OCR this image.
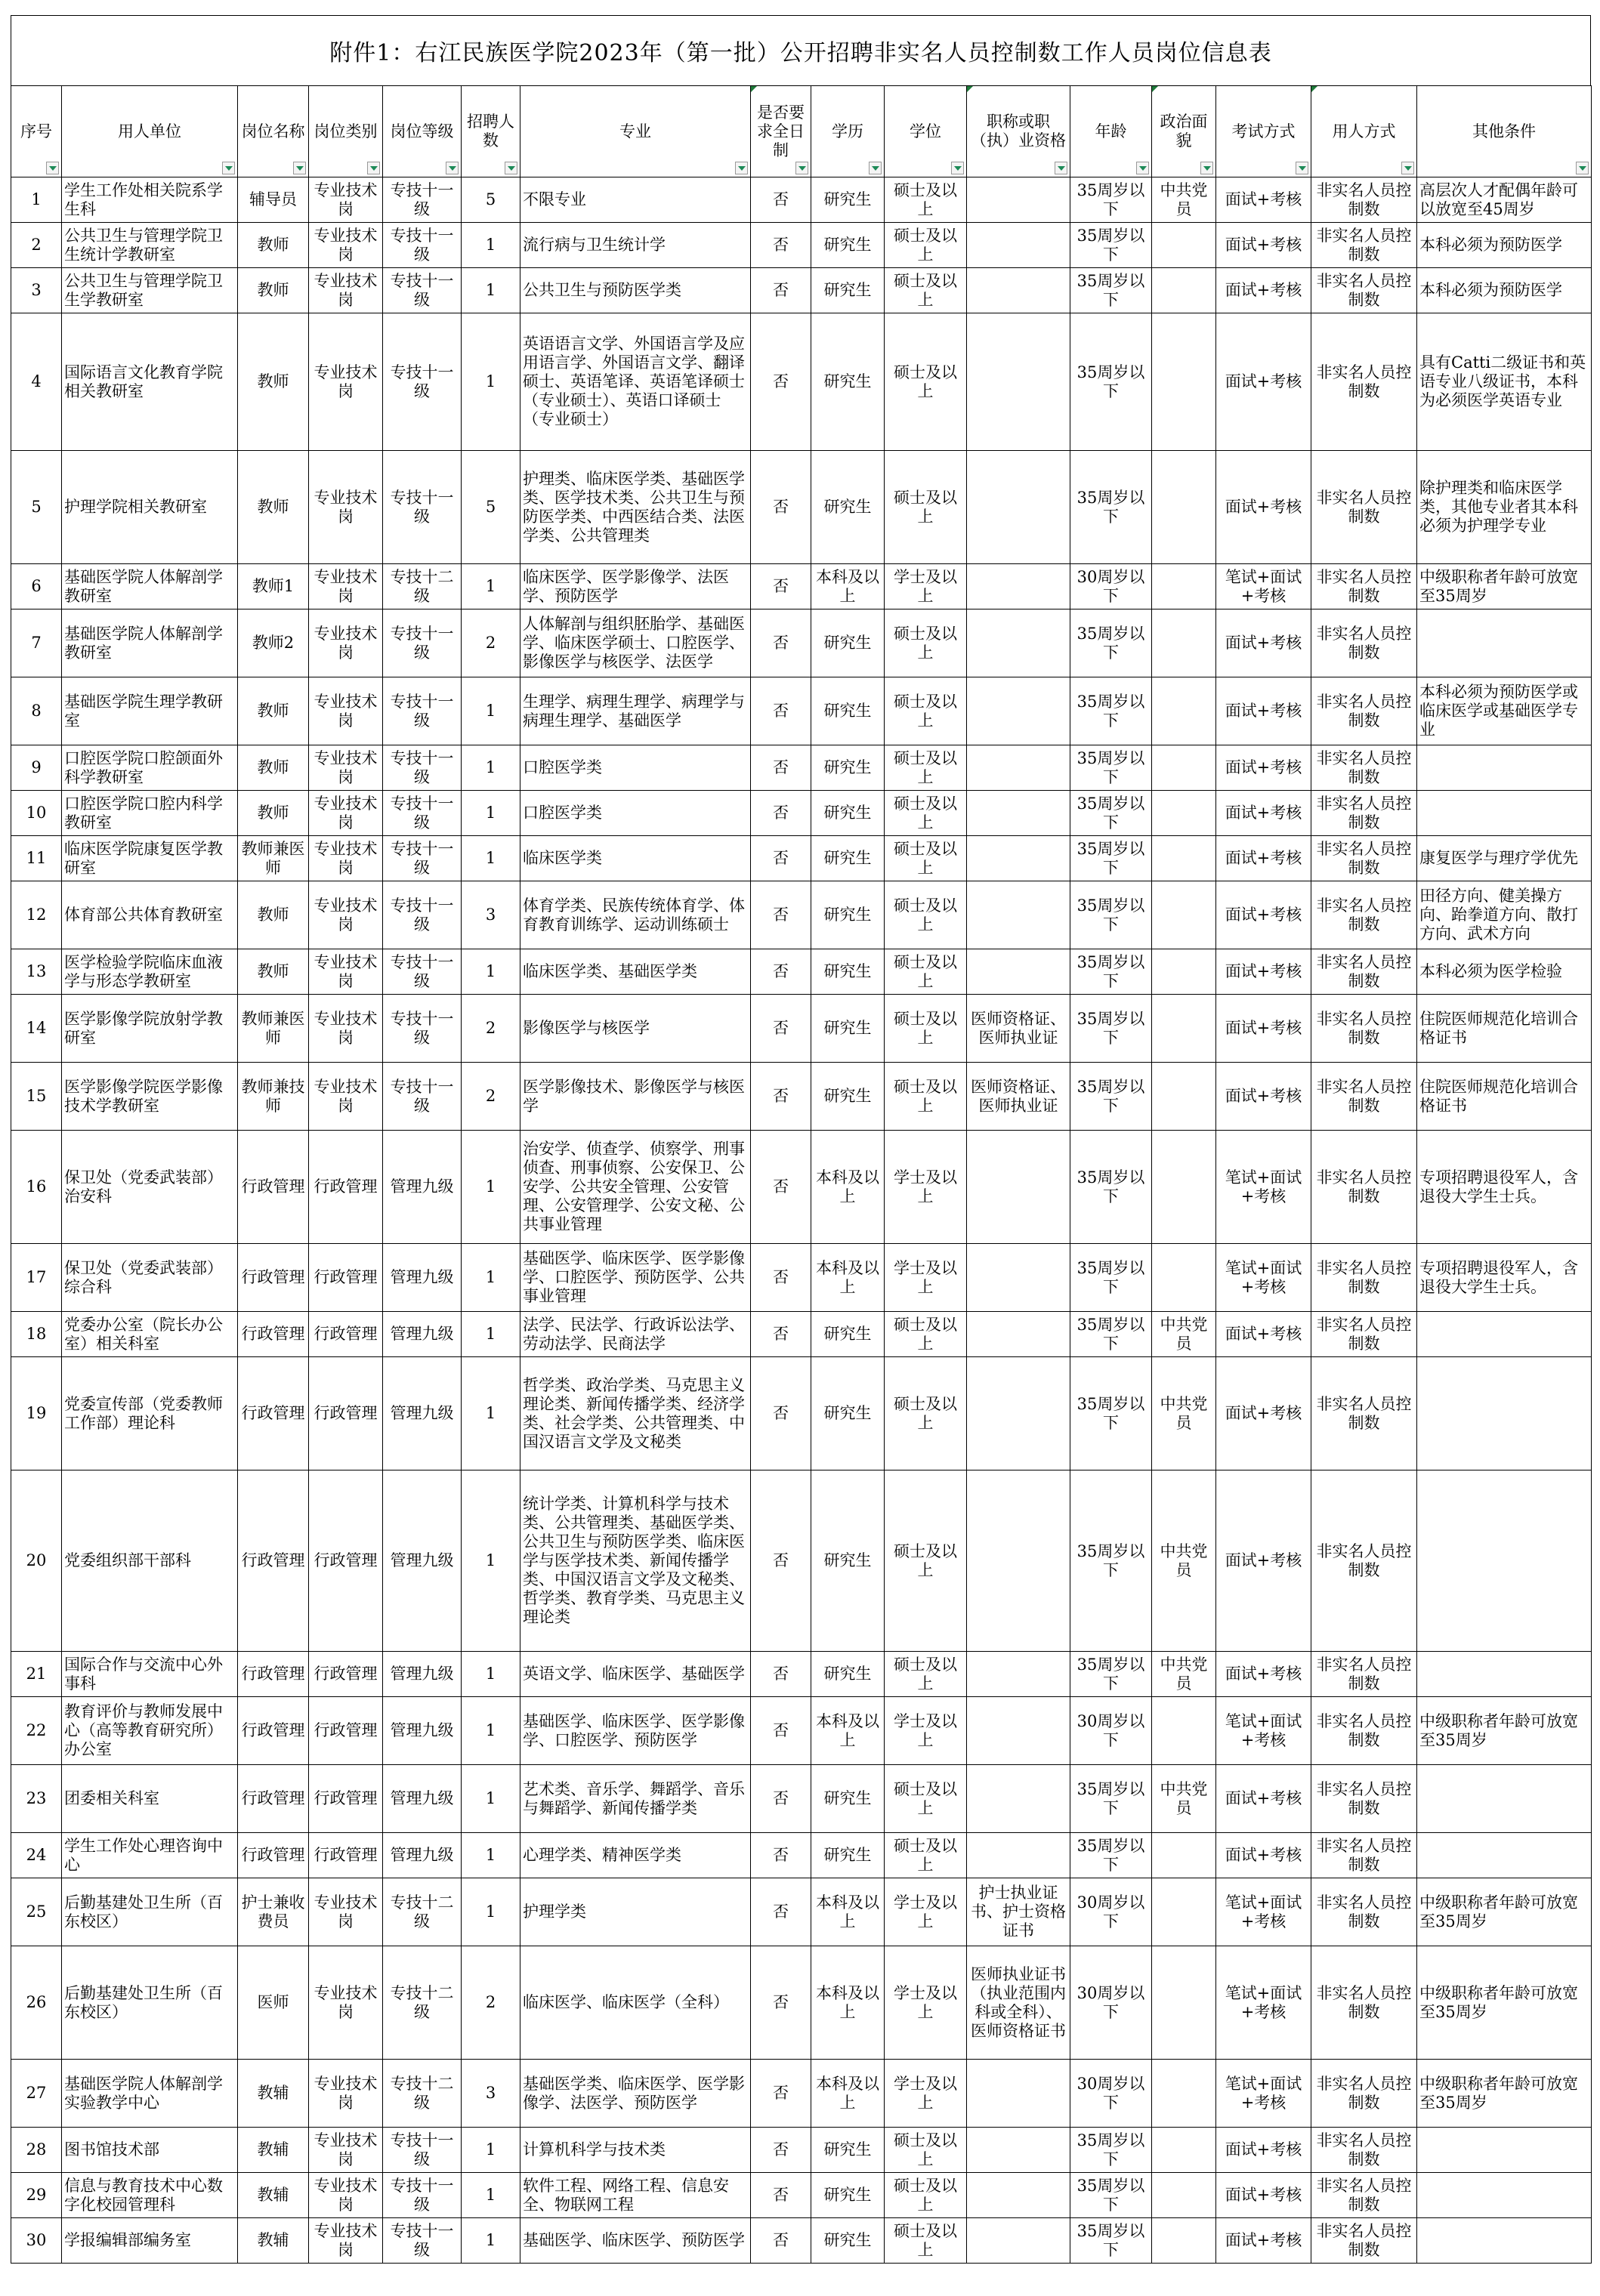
附件1：右江民族医学院2023年（第一批）公开招聘非实名人员控制数工作人员岗位信息表
序号	用人单位	岗位名称	岗位类别	岗位等级	招聘人数	专业	是否要求全日制	学历	学位	职称或职（执）业资格	年龄	政治面貌	考试方式	用人方式	其他条件

1	学生工作处相关院系学生科	辅导员	专业技术岗	专技十一级	5	不限专业	否	研究生	硕士及以上		35周岁以下	中共党员	面试+考核	非实名人员控制数	高层次人才配偶年龄可以放宽至45周岁
2	公共卫生与管理学院卫生统计学教研室	教师	专业技术岗	专技十一级	1	流行病与卫生统计学	否	研究生	硕士及以上		35周岁以下		面试+考核	非实名人员控制数	本科必须为预防医学
3	公共卫生与管理学院卫生学教研室	教师	专业技术岗	专技十一级	1	公共卫生与预防医学类	否	研究生	硕士及以上		35周岁以下		面试+考核	非实名人员控制数	本科必须为预防医学
4	国际语言文化教育学院相关教研室	教师	专业技术岗	专技十一级	1	英语语言文学、外国语言学及应用语言学、外国语言文学、翻译硕士、英语笔译、英语笔译硕士（专业硕士）、英语口译硕士（专业硕士）	否	研究生	硕士及以上		35周岁以下		面试+考核	非实名人员控制数	具有Catti二级证书和英语专业八级证书，本科为必须医学英语专业
5	护理学院相关教研室	教师	专业技术岗	专技十一级	5	护理类、临床医学类、基础医学类、医学技术类、公共卫生与预防医学类、中西医结合类、法医学类、公共管理类	否	研究生	硕士及以上		35周岁以下		面试+考核	非实名人员控制数	除护理类和临床医学类，其他专业者其本科必须为护理学专业
6	基础医学院人体解剖学教研室	教师1	专业技术岗	专技十二级	1	临床医学、医学影像学、法医学、预防医学	否	本科及以上	学士及以上		30周岁以下		笔试+面试+考核	非实名人员控制数	中级职称者年龄可放宽至35周岁
7	基础医学院人体解剖学教研室	教师2	专业技术岗	专技十一级	2	人体解剖与组织胚胎学、基础医学、临床医学硕士、口腔医学、影像医学与核医学、法医学	否	研究生	硕士及以上		35周岁以下		面试+考核	非实名人员控制数	
8	基础医学院生理学教研室	教师	专业技术岗	专技十一级	1	生理学、病理生理学、病理学与病理生理学、基础医学	否	研究生	硕士及以上		35周岁以下		面试+考核	非实名人员控制数	本科必须为预防医学或临床医学或基础医学专业
9	口腔医学院口腔颌面外科学教研室	教师	专业技术岗	专技十一级	1	口腔医学类	否	研究生	硕士及以上		35周岁以下		面试+考核	非实名人员控制数	
10	口腔医学院口腔内科学教研室	教师	专业技术岗	专技十一级	1	口腔医学类	否	研究生	硕士及以上		35周岁以下		面试+考核	非实名人员控制数	
11	临床医学院康复医学教研室	教师兼医师	专业技术岗	专技十一级	1	临床医学类	否	研究生	硕士及以上		35周岁以下		面试+考核	非实名人员控制数	康复医学与理疗学优先
12	体育部公共体育教研室	教师	专业技术岗	专技十一级	3	体育学类、民族传统体育学、体育教育训练学、运动训练硕士	否	研究生	硕士及以上		35周岁以下		面试+考核	非实名人员控制数	田径方向、健美操方向、跆拳道方向、散打方向、武术方向
13	医学检验学院临床血液学与形态学教研室	教师	专业技术岗	专技十一级	1	临床医学类、基础医学类	否	研究生	硕士及以上		35周岁以下		面试+考核	非实名人员控制数	本科必须为医学检验
14	医学影像学院放射学教研室	教师兼医师	专业技术岗	专技十一级	2	影像医学与核医学	否	研究生	硕士及以上	医师资格证、医师执业证	35周岁以下		面试+考核	非实名人员控制数	住院医师规范化培训合格证书
15	医学影像学院医学影像技术学教研室	教师兼技师	专业技术岗	专技十一级	2	医学影像技术、影像医学与核医学	否	研究生	硕士及以上	医师资格证、医师执业证	35周岁以下		面试+考核	非实名人员控制数	住院医师规范化培训合格证书
16	保卫处（党委武装部）治安科	行政管理	行政管理	管理九级	1	治安学、侦查学、侦察学、刑事侦查、刑事侦察、公安保卫、公安学、公共安全管理、公安管理、公安管理学、公安文秘、公共事业管理	否	本科及以上	学士及以上		35周岁以下		笔试+面试+考核	非实名人员控制数	专项招聘退役军人，含退役大学生士兵。
17	保卫处（党委武装部）综合科	行政管理	行政管理	管理九级	1	基础医学、临床医学、医学影像学、口腔医学、预防医学、公共事业管理	否	本科及以上	学士及以上		35周岁以下		笔试+面试+考核	非实名人员控制数	专项招聘退役军人，含退役大学生士兵。
18	党委办公室（院长办公室）相关科室	行政管理	行政管理	管理九级	1	法学、民法学、行政诉讼法学、劳动法学、民商法学	否	研究生	硕士及以上		35周岁以下	中共党员	面试+考核	非实名人员控制数	
19	党委宣传部（党委教师工作部）理论科	行政管理	行政管理	管理九级	1	哲学类、政治学类、马克思主义理论类、新闻传播学类、经济学类、社会学类、公共管理类、中国汉语言文学及文秘类	否	研究生	硕士及以上		35周岁以下	中共党员	面试+考核	非实名人员控制数	
20	党委组织部干部科	行政管理	行政管理	管理九级	1	统计学类、计算机科学与技术类、公共管理类、基础医学类、公共卫生与预防医学类、临床医学与医学技术类、新闻传播学类、中国汉语言文学及文秘类、哲学类、教育学类、马克思主义理论类	否	研究生	硕士及以上		35周岁以下	中共党员	面试+考核	非实名人员控制数	
21	国际合作与交流中心外事科	行政管理	行政管理	管理九级	1	英语文学、临床医学、基础医学	否	研究生	硕士及以上		35周岁以下	中共党员	面试+考核	非实名人员控制数	
22	教育评价与教师发展中心（高等教育研究所）办公室	行政管理	行政管理	管理九级	1	基础医学、临床医学、医学影像学、口腔医学、预防医学	否	本科及以上	学士及以上		30周岁以下		笔试+面试+考核	非实名人员控制数	中级职称者年龄可放宽至35周岁
23	团委相关科室	行政管理	行政管理	管理九级	1	艺术类、音乐学、舞蹈学、音乐与舞蹈学、新闻传播学类	否	研究生	硕士及以上		35周岁以下	中共党员	面试+考核	非实名人员控制数	
24	学生工作处心理咨询中心	行政管理	行政管理	管理九级	1	心理学类、精神医学类	否	研究生	硕士及以上		35周岁以下		面试+考核	非实名人员控制数	
25	后勤基建处卫生所（百东校区）	护士兼收费员	专业技术岗	专技十二级	1	护理学类	否	本科及以上	学士及以上	护士执业证书、护士资格证书	30周岁以下		笔试+面试+考核	非实名人员控制数	中级职称者年龄可放宽至35周岁
26	后勤基建处卫生所（百东校区）	医师	专业技术岗	专技十二级	2	临床医学、临床医学（全科）	否	本科及以上	学士及以上	医师执业证书（执业范围内科或全科）、医师资格证书	30周岁以下		笔试+面试+考核	非实名人员控制数	中级职称者年龄可放宽至35周岁
27	基础医学院人体解剖学实验教学中心	教辅	专业技术岗	专技十二级	3	基础医学类、临床医学、医学影像学、法医学、预防医学	否	本科及以上	学士及以上		30周岁以下		笔试+面试+考核	非实名人员控制数	中级职称者年龄可放宽至35周岁
28	图书馆技术部	教辅	专业技术岗	专技十一级	1	计算机科学与技术类	否	研究生	硕士及以上		35周岁以下		面试+考核	非实名人员控制数	
29	信息与教育技术中心数字化校园管理科	教辅	专业技术岗	专技十一级	1	软件工程、网络工程、信息安全、物联网工程	否	研究生	硕士及以上		35周岁以下		面试+考核	非实名人员控制数	
30	学报编辑部编务室	教辅	专业技术岗	专技十一级	1	基础医学、临床医学、预防医学	否	研究生	硕士及以上		35周岁以下		面试+考核	非实名人员控制数	
